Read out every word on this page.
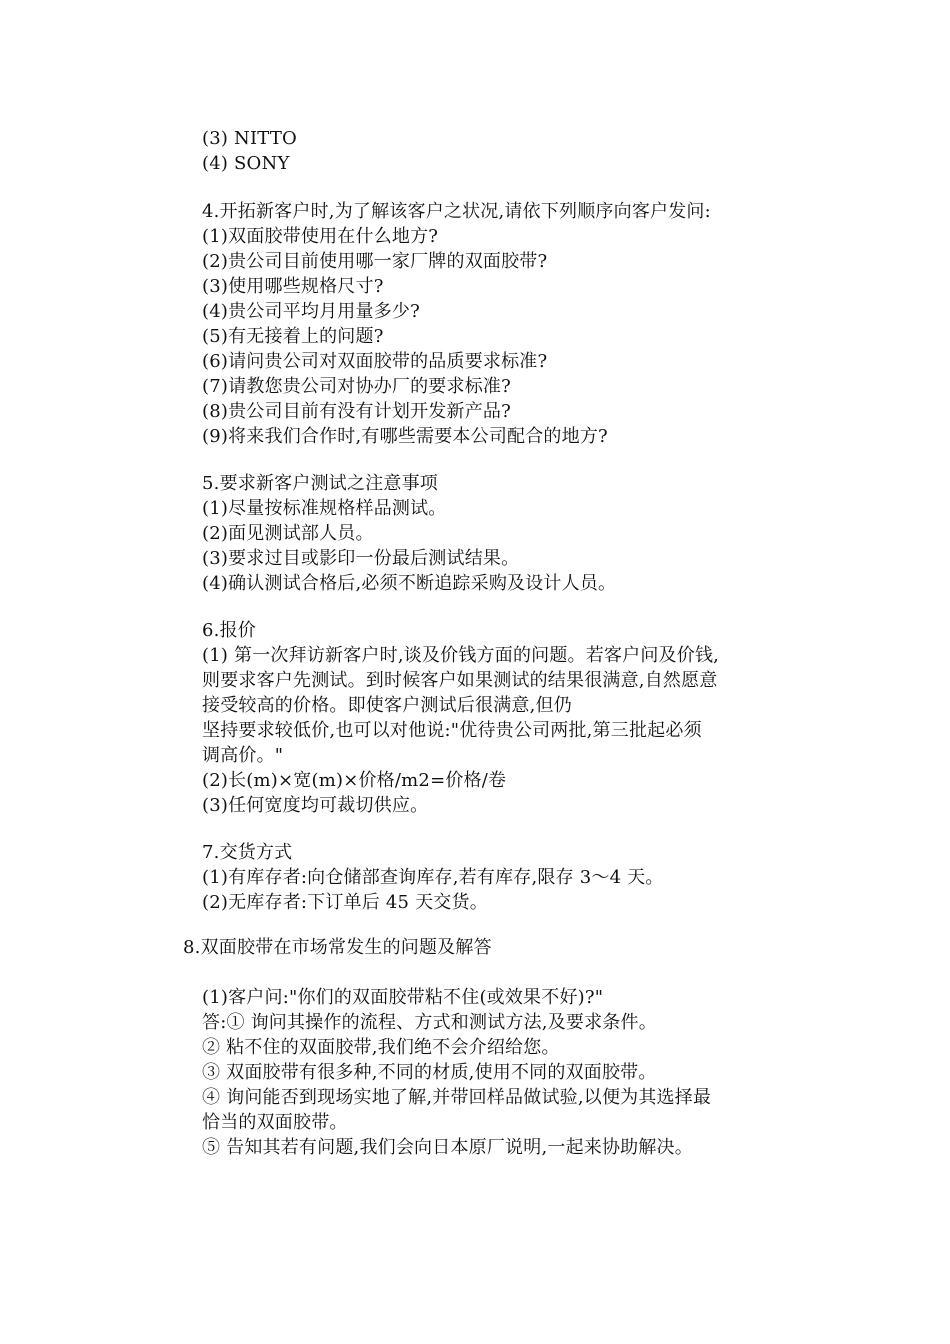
(3) NITTO
(4) SONY
4.开拓新客户时,为了解该客户之状况,请依下列顺序向客户发问:
(1)双面胶带使用在什么地方?
(2)贵公司目前使用哪一家厂牌的双面胶带?
(3)使用哪些规格尺寸?
(4)贵公司平均月用量多少?
(5)有无接着上的问题?
(6)请问贵公司对双面胶带的品质要求标准?
(7)请教您贵公司对协办厂的要求标准?
(8)贵公司目前有没有计划开发新产品?
(9)将来我们合作时,有哪些需要本公司配合的地方?
5.要求新客户测试之注意事项
(1)尽量按标准规格样品测试。
(2)面见测试部人员。
(3)要求过目或影印一份最后测试结果。
(4)确认测试合格后,必须不断追踪采购及设计人员。
6.报价
(1) 第一次拜访新客户时,谈及价钱方面的问题。若客户问及价钱,
则要求客户先测试。到时候客户如果测试的结果很满意,自然愿意
接受较高的价格。即使客户测试后很满意,但仍
坚持要求较低价,也可以对他说:"优待贵公司两批,第三批起必须
调高价。"
(2)长(m)×宽(m)×价格/m2=价格/卷
(3)任何宽度均可裁切供应。
7.交货方式
(1)有库存者:向仓储部查询库存,若有库存,限存 3～4 天。
(2)无库存者:下订单后 45 天交货。
8.双面胶带在市场常发生的问题及解答
(1)客户问:"你们的双面胶带粘不住(或效果不好)?"
答:① 询问其操作的流程、方式和测试方法,及要求条件。
② 粘不住的双面胶带,我们绝不会介绍给您。
③ 双面胶带有很多种,不同的材质,使用不同的双面胶带。
④ 询问能否到现场实地了解,并带回样品做试验,以便为其选择最
恰当的双面胶带。
⑤ 告知其若有问题,我们会向日本原厂说明,一起来协助解决。
